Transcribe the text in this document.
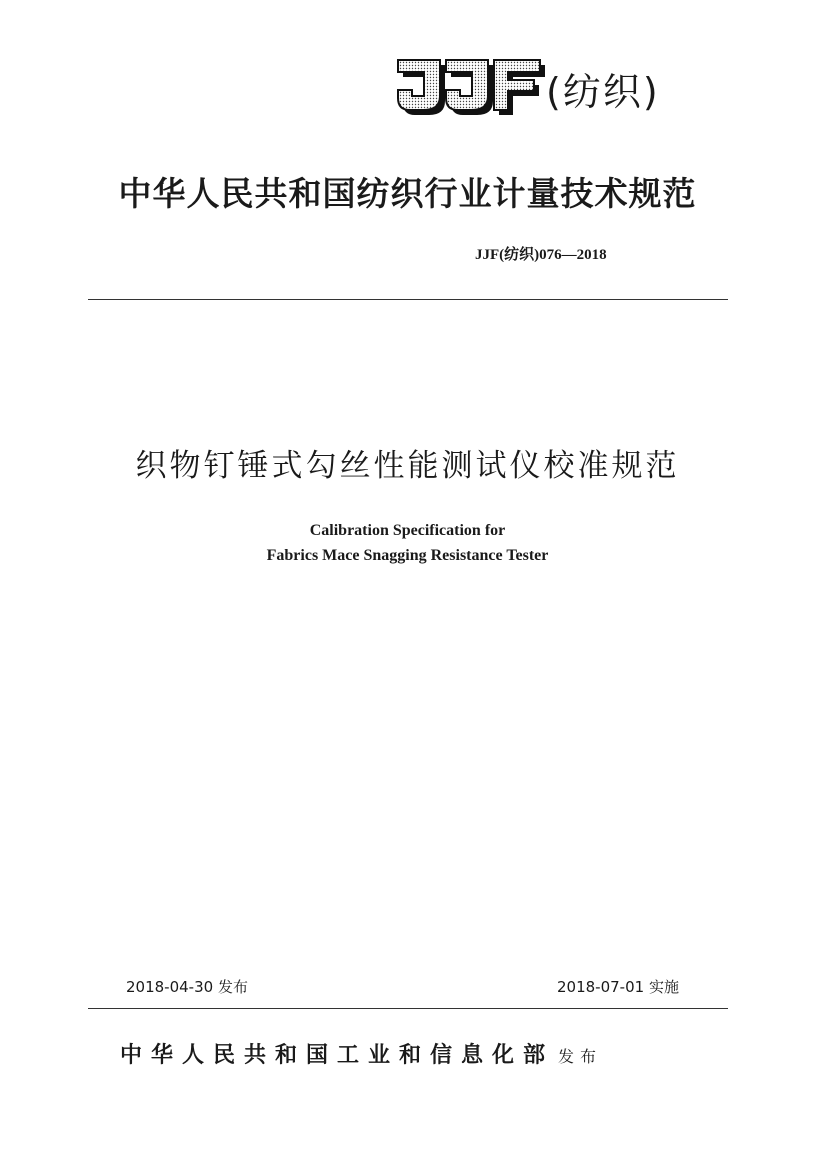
(纺织)
中华人民共和国纺织行业计量技术规范
JJF(纺织)076—2018
织物钉锤式勾丝性能测试仪校准规范
Calibration Specification for
Fabrics Mace Snagging Resistance Tester
2018-04-30 发布	2018-07-01 实施
中华人民共和国工业和信息化部 发布
